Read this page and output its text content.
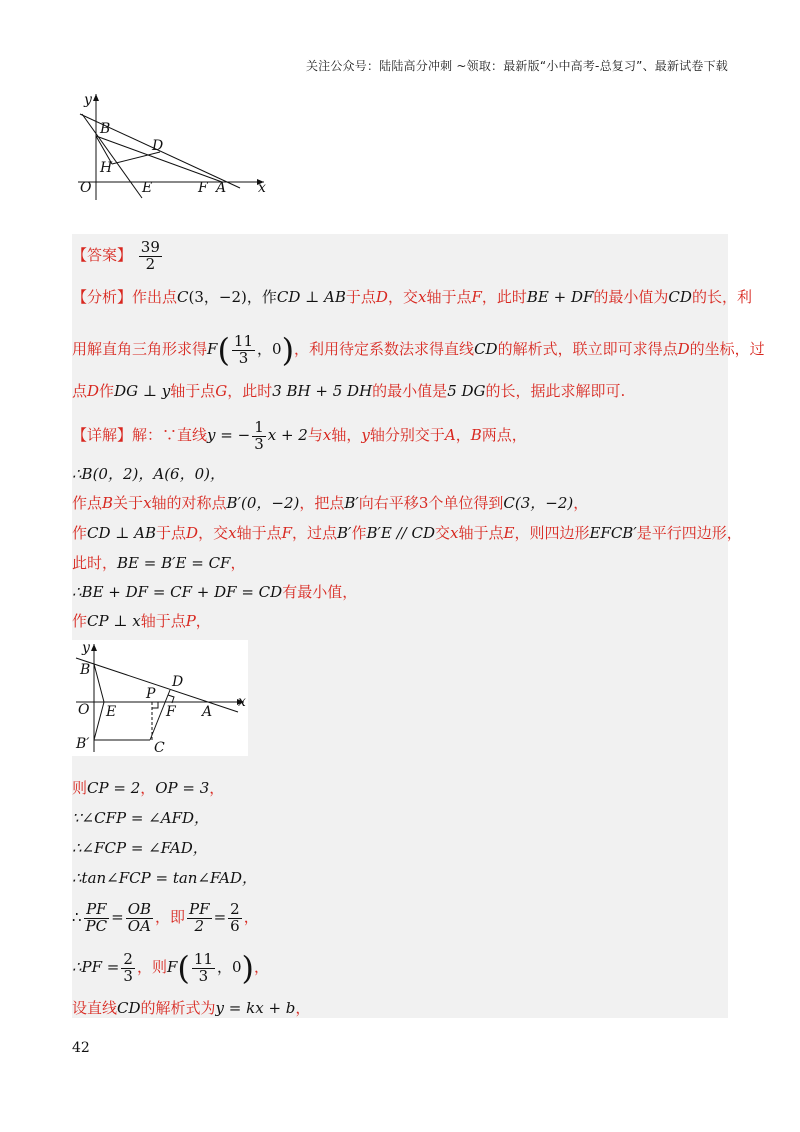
关注公众号：陆陆高分冲刺 ~领取：最新版“小中高考-总复习”、最新试卷下载
y
x
O
B
D
H
E	F A
【答案】 $\frac{39}{2}$
【分析】作出点C(3，−2)，作CD ⊥ AB于点D，交x轴于点F，此时BE + DF的最小值为CD的长，利
用解直角三角形求得$F( \frac{11}{3}$ ，0)，利用待定系数法求得直线CD的解析式，联立即可求得点D的坐标，过
点D作DG ⊥ y轴于点G，此时3 BH + 5 DH的最小值是5 DG的长，据此求解即可.
【详解】解：∵直线y = − $\frac{1}{3}$ x + 2与x轴，y轴分别交于A，B两点，
∴B(0，2)，A(6，0)，
作点B关于x轴的对称点B′(0，−2)，把点B′向右平移3个单位得到C(3，−2)，
作CD ⊥ AB于点D，交x轴于点F，过点B′作B′E // CD交x轴于点E，则四边形EFCB′是平行四边形，
此时，BE = B′E = CF，
∴BE + DF = CF + DF = CD有最小值，
作CP ⊥ x轴于点P，
y
x
O
B
B′
E
P
D
F A
C
则CP = 2，OP = 3，
∵∠CFP = ∠AFD，
∴∠FCP = ∠FAD，
∴tan∠FCP = tan∠FAD，
∴ $\frac{PF}{PC} = \frac{OB}{OA}$ ，即 $\frac{PF}{2} = \frac{2}{6}$ ，
∴PF = $\frac{2}{3}$ ，则$F( \frac{11}{3}$ ，0)，
设直线CD的解析式为y = kx + b，
42
